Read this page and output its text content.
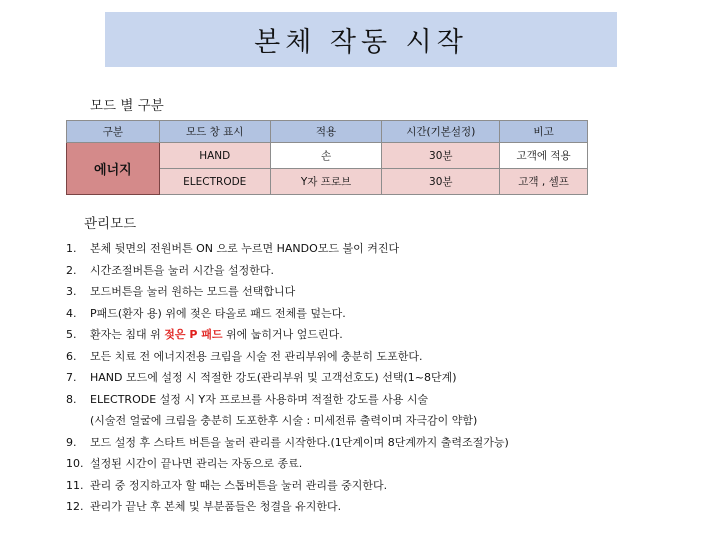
본체 작동 시작
모드 별 구분
구분	모드 창 표시	적용	시간(기본설정)	비고
에너지	HAND	손	30분	고객에 적용
	ELECTRODE	Y자 프로브	30분	고객 , 셀프
관리모드
1. 본체 뒷면의 전원버튼 ON 으로 누르면 HANDO모드 불이 켜진다
2. 시간조절버튼을 눌러 시간을 설정한다.
3. 모드버튼을 눌러 원하는 모드를 선택합니다
4. P패드(환자 용) 위에 젖은 타올로 패드 전체를 덮는다.
5. 환자는 침대 위 젖은 P 패드 위에 눕히거나 엎드린다.
6. 모든 치료 전 에너지전용 크림을 시술 전 관리부위에 충분히 도포한다.
7. HAND 모드에 설정 시 적절한 강도(관리부위 및 고객선호도) 선택(1~8단계)
8. ELECTRODE 설정 시 Y자 프로브를 사용하며 적절한 강도를 사용 시술
(시술전 얼굴에 크림을 충분히 도포한후 시술 : 미세전류 출력이며 자극감이 약함)
9. 모드 설정 후 스타트 버튼을 눌러 관리를 시작한다.(1단계이며 8단계까지 출력조절가능)
10. 설정된 시간이 끝나면 관리는 자동으로 종료.
11. 관리 중 정지하고자 할 때는 스톱버튼을 눌러 관리를 중지한다.
12. 관리가 끝난 후 본체 및 부분품들은 청결을 유지한다.
